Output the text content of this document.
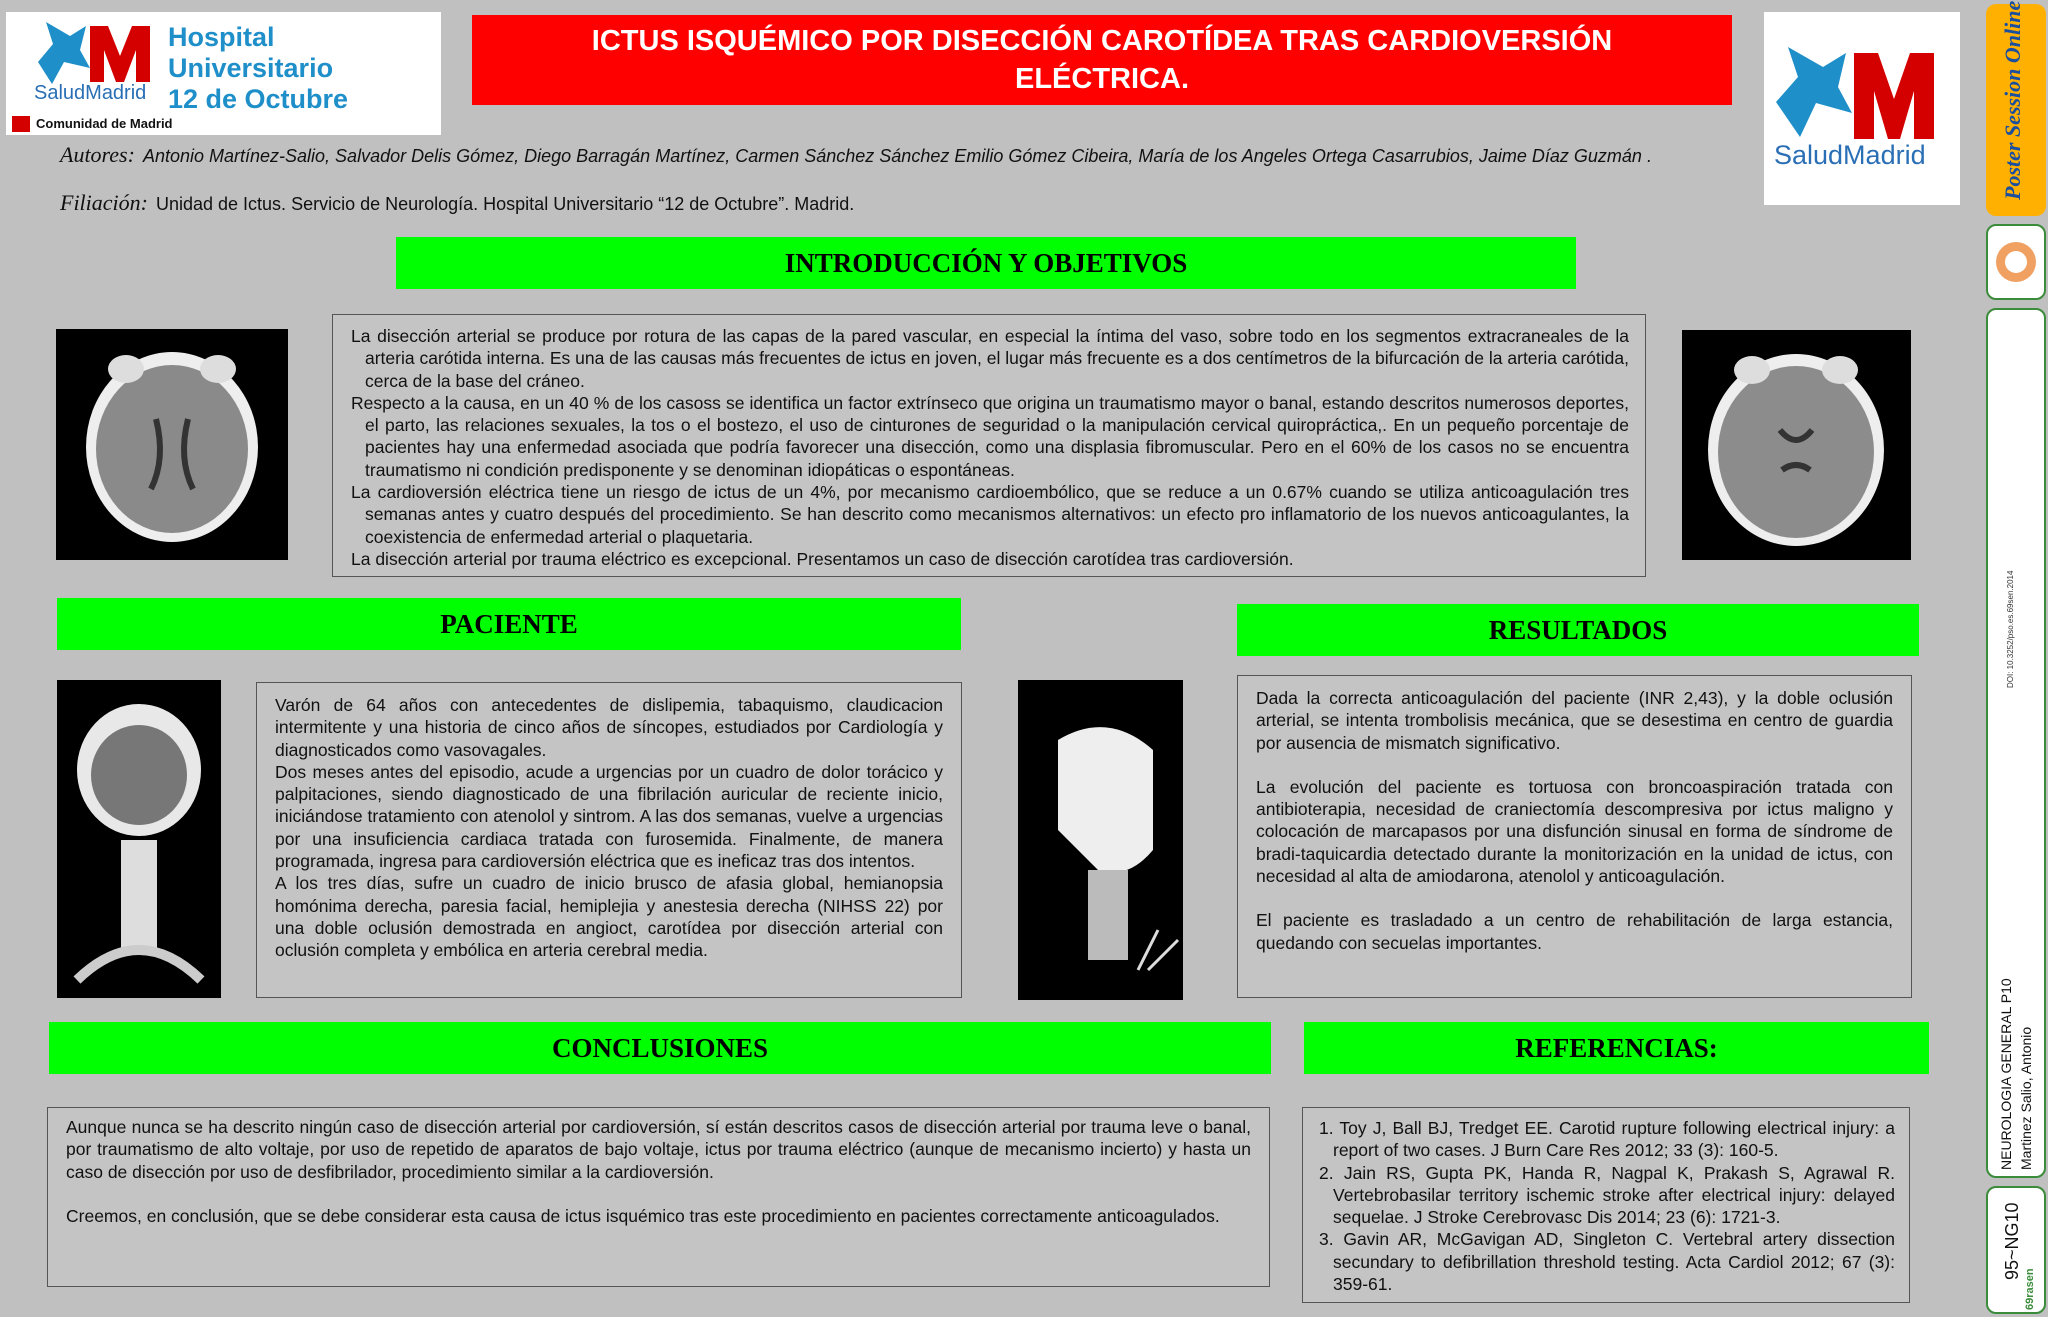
Hospital Universitario
12 de Octubre
SaludMadrid
Comunidad de Madrid
ICTUS ISQUÉMICO POR DISECCIÓN CAROTÍDEA TRAS CARDIOVERSIÓN ELÉCTRICA.
SaludMadrid
Autores: Antonio Martínez-Salio, Salvador Delis Gómez, Diego Barragán Martínez, Carmen Sánchez Sánchez Emilio Gómez Cibeira, María de los Angeles Ortega Casarrubios, Jaime Díaz Guzmán .
Filiación: Unidad de Ictus. Servicio de Neurología. Hospital Universitario “12 de Octubre”. Madrid.
INTRODUCCIÓN Y OBJETIVOS

La disección arterial se produce por rotura de las capas de la pared vascular, en especial la íntima del vaso, sobre todo en los segmentos extracraneales de la arteria carótida interna. Es una de las causas más frecuentes de ictus en joven, el lugar más frecuente es a dos centímetros de la bifurcación de la arteria carótida, cerca de la base del cráneo.

Respecto a la causa, en un 40 % de los casoss se identifica un factor extrínseco que origina un traumatismo mayor o banal, estando descritos numerosos deportes, el parto, las relaciones sexuales, la tos o el bostezo, el uso de cinturones de seguridad o la manipulación cervical quiropráctica,. En un pequeño porcentaje de pacientes hay una enfermedad asociada que podría favorecer una disección, como una displasia fibromuscular. Pero en el 60% de los casos no se encuentra traumatismo ni condición predisponente y se denominan idiopáticas o espontáneas.

La cardioversión eléctrica tiene un riesgo de ictus de un 4%, por mecanismo cardioembólico, que se reduce a un 0.67% cuando se utiliza anticoagulación tres semanas antes y cuatro después del procedimiento. Se han descrito como mecanismos alternativos: un efecto pro inflamatorio de los nuevos anticoagulantes, la coexistencia de enfermedad arterial o plaquetaria.

La disección arterial por trauma eléctrico es excepcional. Presentamos un caso de disección carotídea tras cardioversión.

PACIENTE

Varón de 64 años con antecedentes de dislipemia, tabaquismo, claudicacion intermitente y una historia de cinco años de síncopes, estudiados por Cardiología y diagnosticados como vasovagales.

Dos meses antes del episodio, acude a urgencias por un cuadro de dolor torácico y palpitaciones, siendo diagnosticado de una fibrilación auricular de reciente inicio, iniciándose tratamiento con atenolol y sintrom. A las dos semanas, vuelve a urgencias por una insuficiencia cardiaca tratada con furosemida. Finalmente, de manera programada, ingresa para cardioversión eléctrica que es ineficaz tras dos intentos.

A los tres días, sufre un cuadro de inicio brusco de afasia global, hemianopsia homónima derecha, paresia facial, hemiplejia y anestesia derecha (NIHSS 22) por una doble oclusión demostrada en angioct, carotídea por disección arterial con oclusión completa y embólica en arteria cerebral media.

RESULTADOS

Dada la correcta anticoagulación del paciente (INR 2,43), y la doble oclusión arterial, se intenta trombolisis mecánica, que se desestima en centro de guardia por ausencia de mismatch significativo.

La evolución del paciente es tortuosa con broncoaspiración tratada con antibioterapia, necesidad de craniectomía descompresiva por ictus maligno y colocación de marcapasos por una disfunción sinusal en forma de síndrome de bradi-taquicardia detectado durante la monitorización en la unidad de ictus, con necesidad al alta de amiodarona, atenolol y anticoagulación.

El paciente es trasladado a un centro de rehabilitación de larga estancia, quedando con secuelas importantes.

CONCLUSIONES

Aunque nunca se ha descrito ningún caso de disección arterial por cardioversión, sí están descritos casos de disección arterial por trauma leve o banal, por traumatismo de alto voltaje, por uso de repetido de aparatos de bajo voltaje, ictus por trauma eléctrico (aunque de mecanismo incierto) y hasta un caso de disección por uso de desfibrilador, procedimiento similar a la cardioversión.

Creemos, en conclusión, que se debe considerar esta causa de ictus isquémico tras este procedimiento en pacientes correctamente anticoagulados.

REFERENCIAS:

1. Toy J, Ball BJ, Tredget EE. Carotid rupture following electrical injury: a report of two cases. J Burn Care Res 2012; 33 (3): 160-5.

2. Jain RS, Gupta PK, Handa R, Nagpal K, Prakash S, Agrawal R. Vertebrobasilar territory ischemic stroke after electrical injury: delayed sequelae. J Stroke Cerebrovasc Dis 2014; 23 (6): 1721-3.

3. Gavin AR, McGavigan AD, Singleton C. Vertebral artery dissection secundary to defibrillation threshold testing. Acta Cardiol 2012; 67 (3): 359-61.

Poster Session Online
DOI: 10.3252/pso.es.69sen.2014
NEUROLOGIA GENERAL P10 Martinez Salio, Antonio
95~NG10
69rasen
